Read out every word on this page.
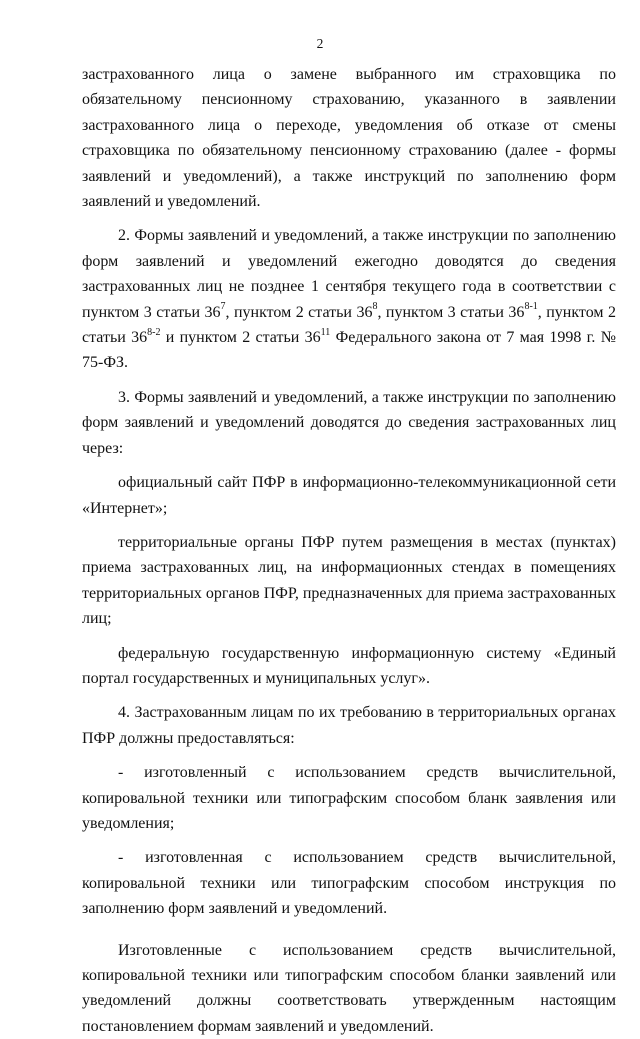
2

застрахованного лица о замене выбранного им страховщика по обязательному пенсионному страхованию, указанного в заявлении застрахованного лица о переходе, уведомления об отказе от смены страховщика по обязательному пенсионному страхованию (далее - формы заявлений и уведомлений), а также инструкций по заполнению форм заявлений и уведомлений.

2. Формы заявлений и уведомлений, а также инструкции по заполнению форм заявлений и уведомлений ежегодно доводятся до сведения застрахованных лиц не позднее 1 сентября текущего года в соответствии с пунктом 3 статьи $36^7$, пунктом 2 статьи $36^8$, пунктом 3 статьи 36$^{8-1}$, пунктом 2 статьи 36$^{8-2}$ и пунктом 2 статьи $36^{11}$ Федерального закона от 7 мая 1998 г. № 75-ФЗ.

3. Формы заявлений и уведомлений, а также инструкции по заполнению форм заявлений и уведомлений доводятся до сведения застрахованных лиц через:

официальный сайт ПФР в информационно-телекоммуникационной сети «Интернет»;

территориальные органы ПФР путем размещения в местах (пунктах) приема застрахованных лиц, на информационных стендах в помещениях территориальных органов ПФР, предназначенных для приема застрахованных лиц;

федеральную государственную информационную систему «Единый портал государственных и муниципальных услуг».

4. Застрахованным лицам по их требованию в территориальных органах ПФР должны предоставляться:

- изготовленный с использованием средств вычислительной, копировальной техники или типографским способом бланк заявления или уведомления;

- изготовленная с использованием средств вычислительной, копировальной техники или типографским способом инструкция по заполнению форм заявлений и уведомлений.

Изготовленные с использованием средств вычислительной, копировальной техники или типографским способом бланки заявлений или уведомлений должны соответствовать утвержденным настоящим постановлением формам заявлений и уведомлений.
